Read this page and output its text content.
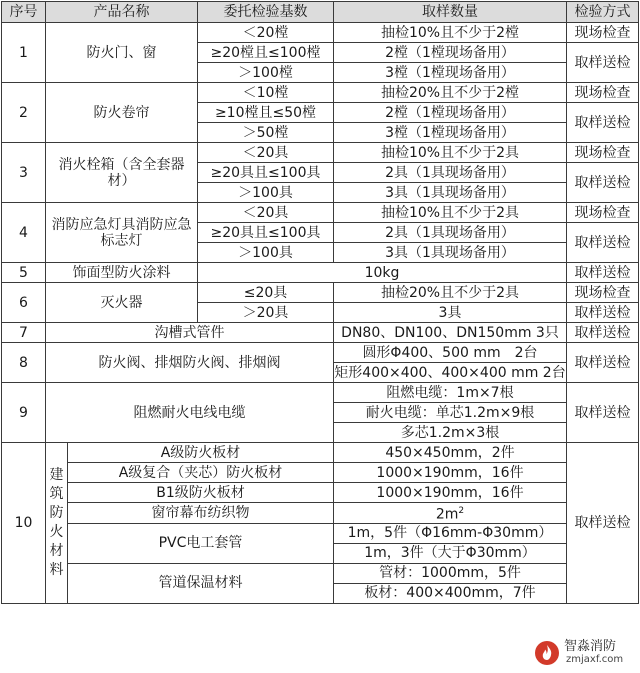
序号	产品名称		委托检验基数	取样数量	检验方式
1	防火门、窗		＜20樘	抽检10%且不少于2樘	现场检查
			≥20樘且≤100樘	2樘（1樘现场备用）	取样送检
			＞100樘	3樘（1樘现场备用）	
2	防火卷帘		＜10樘	抽检20%且不少于2樘	现场检查
			≥10樘且≤50樘	2樘（1樘现场备用）	取样送检
			＞50樘	3樘（1樘现场备用）	
3	消火栓箱（含全套器材）		＜20具	抽检10%且不少于2具	现场检查
			≥20具且≤100具	2具（1具现场备用）	取样送检
			＞100具	3具（1具现场备用）	
4	消防应急灯具消防应急标志灯		＜20具	抽检10%且不少于2具	现场检查
			≥20具且≤100具	2具（1具现场备用）	取样送检
			＞100具	3具（1具现场备用）	
5	饰面型防火涂料		10kg		取样送检
6	灭火器		≤20具	抽检20%且不少于2具	现场检查
			＞20具	3具	取样送检
7	沟槽式管件			DN80、DN100、DN150mm 3只	取样送检
8	防火阀、排烟防火阀、排烟阀			圆形Φ400、500 mm　2台	取样送检
				矩形400×400、400×400 mm 2台	
9	阻燃耐火电线电缆			阻燃电缆：1m×7根	取样送检
				耐火电缆：单芯1.2m×9根	
				多芯1.2m×3根	
10	建筑防火材料	A级防火板材		450×450mm，2件	取样送检
		A级复合（夹芯）防火板材		1000×190mm，16件	
		B1级防火板材		1000×190mm，16件	
		窗帘幕布纺织物		$2m^2$
		PVC电工套管		1m，5件（Φ16mm-Φ30mm）	
				1m，3件（大于Φ30mm）	
		管道保温材料		管材：1000mm，5件	
				板材：400×400mm，7件	
智淼消防
zmjaxf.com
